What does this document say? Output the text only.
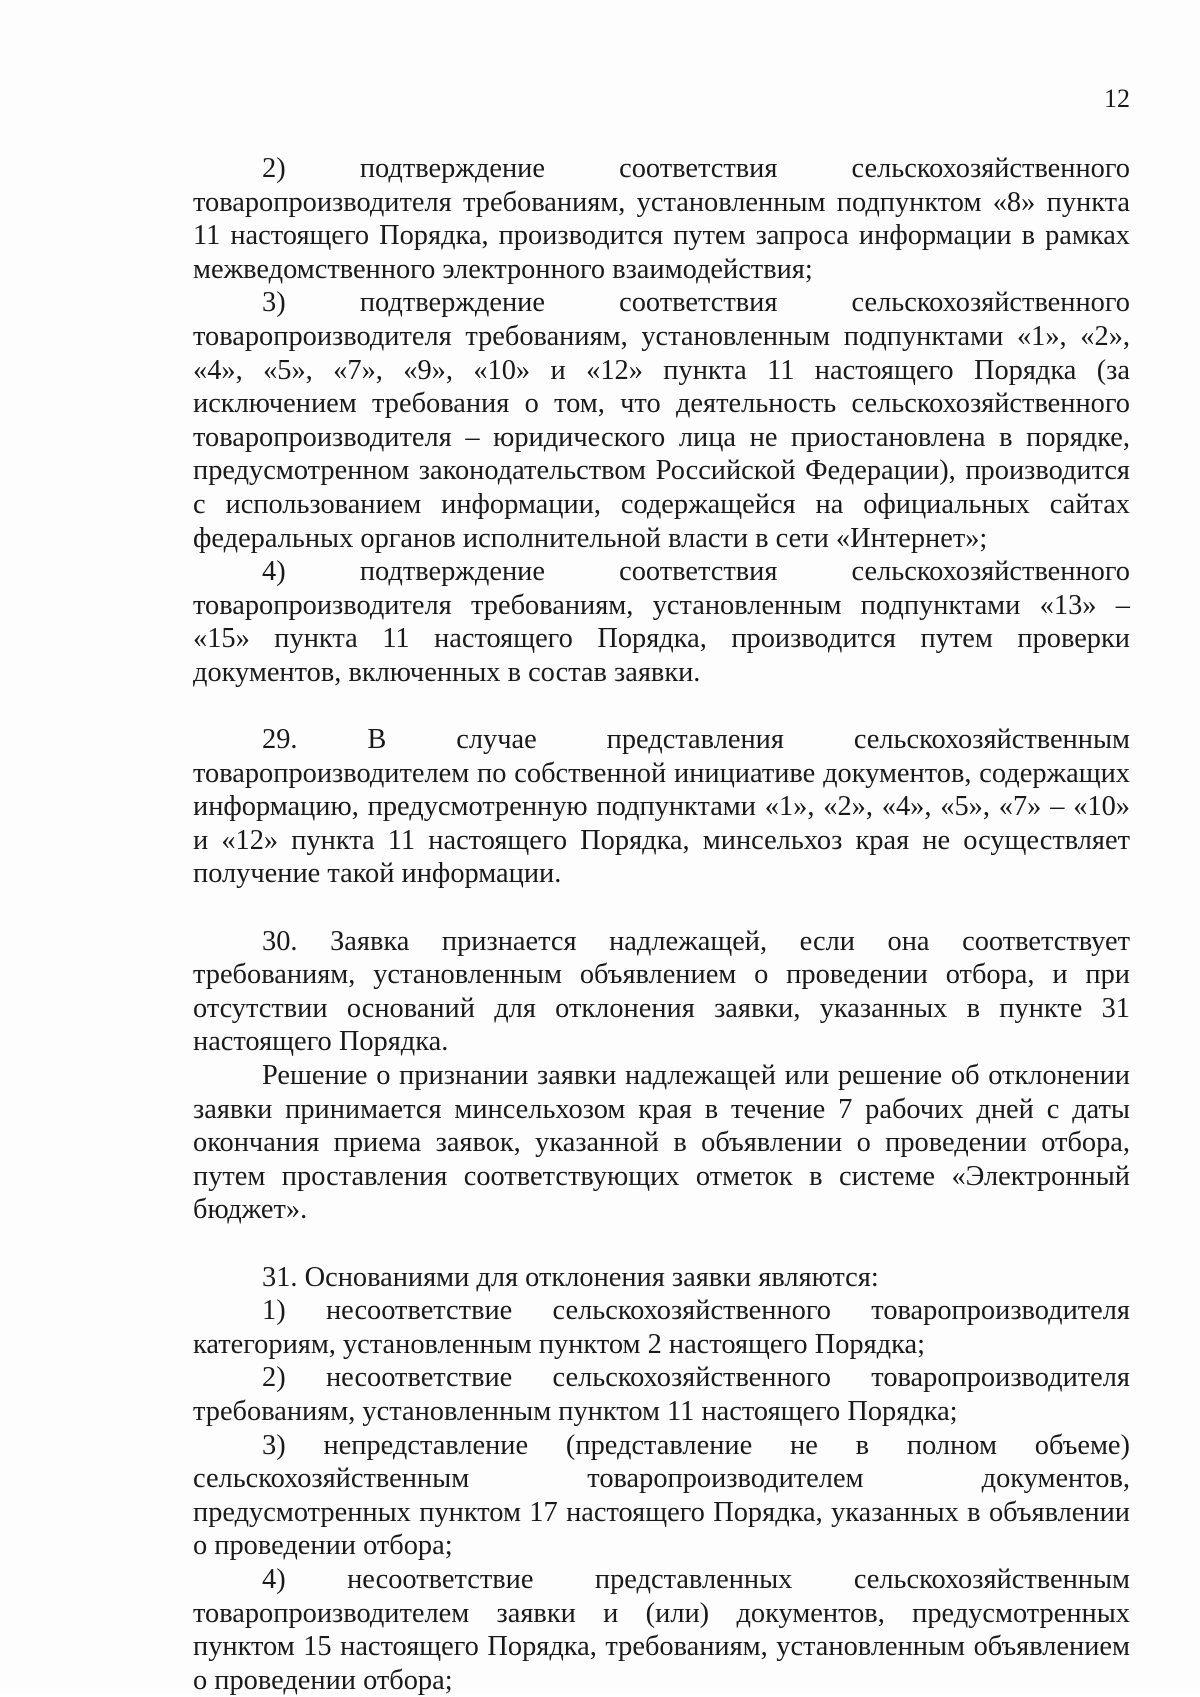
12

2) подтверждение соответствия сельскохозяйственного товаропроизводителя требованиям, установленным подпунктом «8» пункта 11 настоящего Порядка, производится путем запроса информации в рамках межведомственного электронного взаимодействия;

3) подтверждение соответствия сельскохозяйственного товаропроизводителя требованиям, установленным подпунктами «1», «2», «4», «5», «7», «9», «10» и «12» пункта 11 настоящего Порядка (за исключением требования о том, что деятельность сельскохозяйственного товаропроизводителя – юридического лица не приостановлена в порядке, предусмотренном законодательством Российской Федерации), производится с использованием информации, содержащейся на официальных сайтах федеральных органов исполнительной власти в сети «Интернет»;

4) подтверждение соответствия сельскохозяйственного товаропроизводителя требованиям, установленным подпунктами «13» – «15» пункта 11 настоящего Порядка, производится путем проверки документов, включенных в состав заявки.

29. В случае представления сельскохозяйственным товаропроизводителем по собственной инициативе документов, содержащих информацию, предусмотренную подпунктами «1», «2», «4», «5», «7» – «10» и «12» пункта 11 настоящего Порядка, минсельхоз края не осуществляет получение такой информации.

30. Заявка признается надлежащей, если она соответствует требованиям, установленным объявлением о проведении отбора, и при отсутствии оснований для отклонения заявки, указанных в пункте 31 настоящего Порядка.

Решение о признании заявки надлежащей или решение об отклонении заявки принимается минсельхозом края в течение 7 рабочих дней с даты окончания приема заявок, указанной в объявлении о проведении отбора, путем проставления соответствующих отметок в системе «Электронный бюджет».

31. Основаниями для отклонения заявки являются:

1) несоответствие сельскохозяйственного товаропроизводителя категориям, установленным пунктом 2 настоящего Порядка;

2) несоответствие сельскохозяйственного товаропроизводителя требованиям, установленным пунктом 11 настоящего Порядка;

3) непредставление (представление не в полном объеме) сельскохозяйственным товаропроизводителем документов, предусмотренных пунктом 17 настоящего Порядка, указанных в объявлении о проведении отбора;

4) несоответствие представленных сельскохозяйственным товаропроизводителем заявки и (или) документов, предусмотренных пунктом 15 настоящего Порядка, требованиям, установленным объявлением о проведении отбора;
